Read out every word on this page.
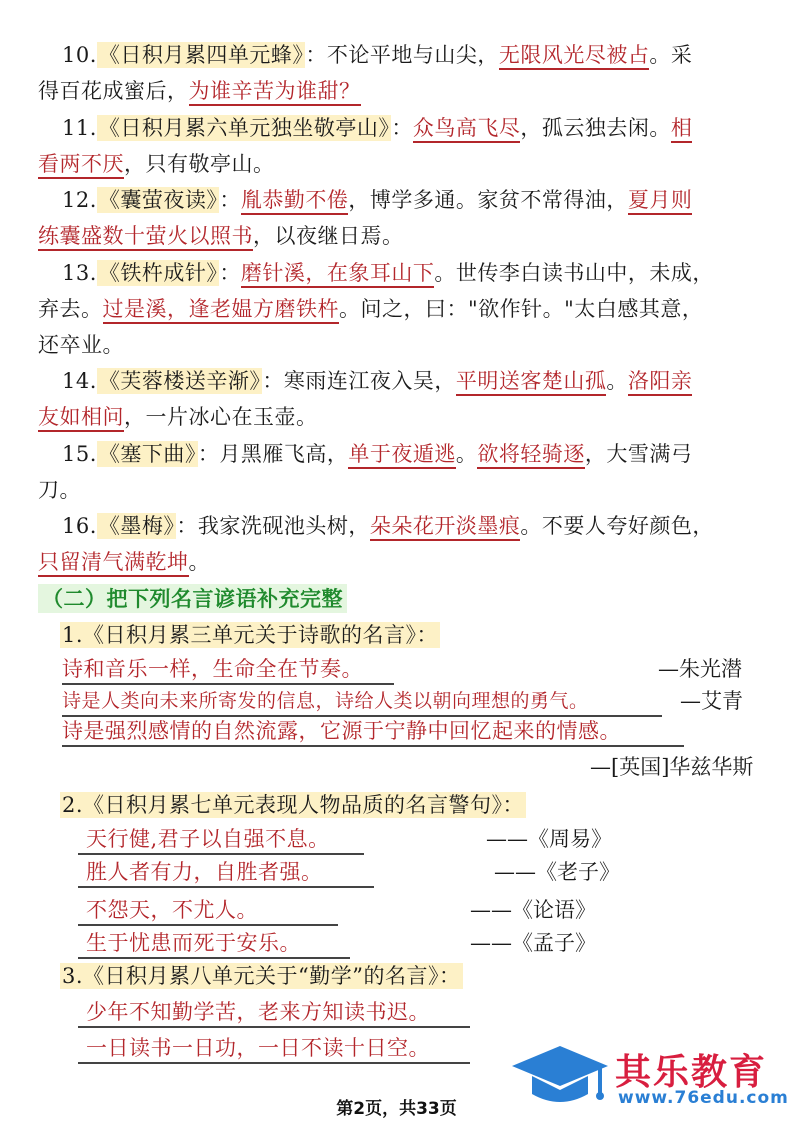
10.《日积月累四单元蜂》：不论平地与山尖，无限风光尽被占。采
得百花成蜜后，为谁辛苦为谁甜？
11.《日积月累六单元独坐敬亭山》：众鸟高飞尽，孤云独去闲。相
看两不厌，只有敬亭山。
12.《囊萤夜读》：胤恭勤不倦，博学多通。家贫不常得油，夏月则
练囊盛数十萤火以照书，以夜继日焉。
13.《铁杵成针》：磨针溪，在象耳山下。世传李白读书山中，未成，
弃去。过是溪，逢老媪方磨铁杵。问之，曰："欲作针。"太白感其意，
还卒业。
14.《芙蓉楼送辛渐》：寒雨连江夜入吴，平明送客楚山孤。洛阳亲
友如相问，一片冰心在玉壶。
15.《塞下曲》：月黑雁飞高，单于夜遁逃。欲将轻骑逐，大雪满弓
刀。
16.《墨梅》：我家洗砚池头树，朵朵花开淡墨痕。不要人夸好颜色，
只留清气满乾坤。
（二）把下列名言谚语补充完整
1.《日积月累三单元关于诗歌的名言》：
诗和音乐一样，生命全在节奏。	—朱光潜
诗是人类向未来所寄发的信息，诗给人类以朝向理想的勇气。	—艾青
诗是强烈感情的自然流露，它源于宁静中回忆起来的情感。
—[英国]华兹华斯
2.《日积月累七单元表现人物品质的名言警句》：
天行健,君子以自强不息。	——《周易》
胜人者有力，自胜者强。	——《老子》
不怨天，不尤人。	——《论语》
生于忧患而死于安乐。	——《孟子》
3.《日积月累八单元关于“勤学”的名言》：
少年不知勤学苦，老来方知读书迟。
一日读书一日功，一日不读十日空。
其乐教育
www.76edu.com
第2页，共33页
